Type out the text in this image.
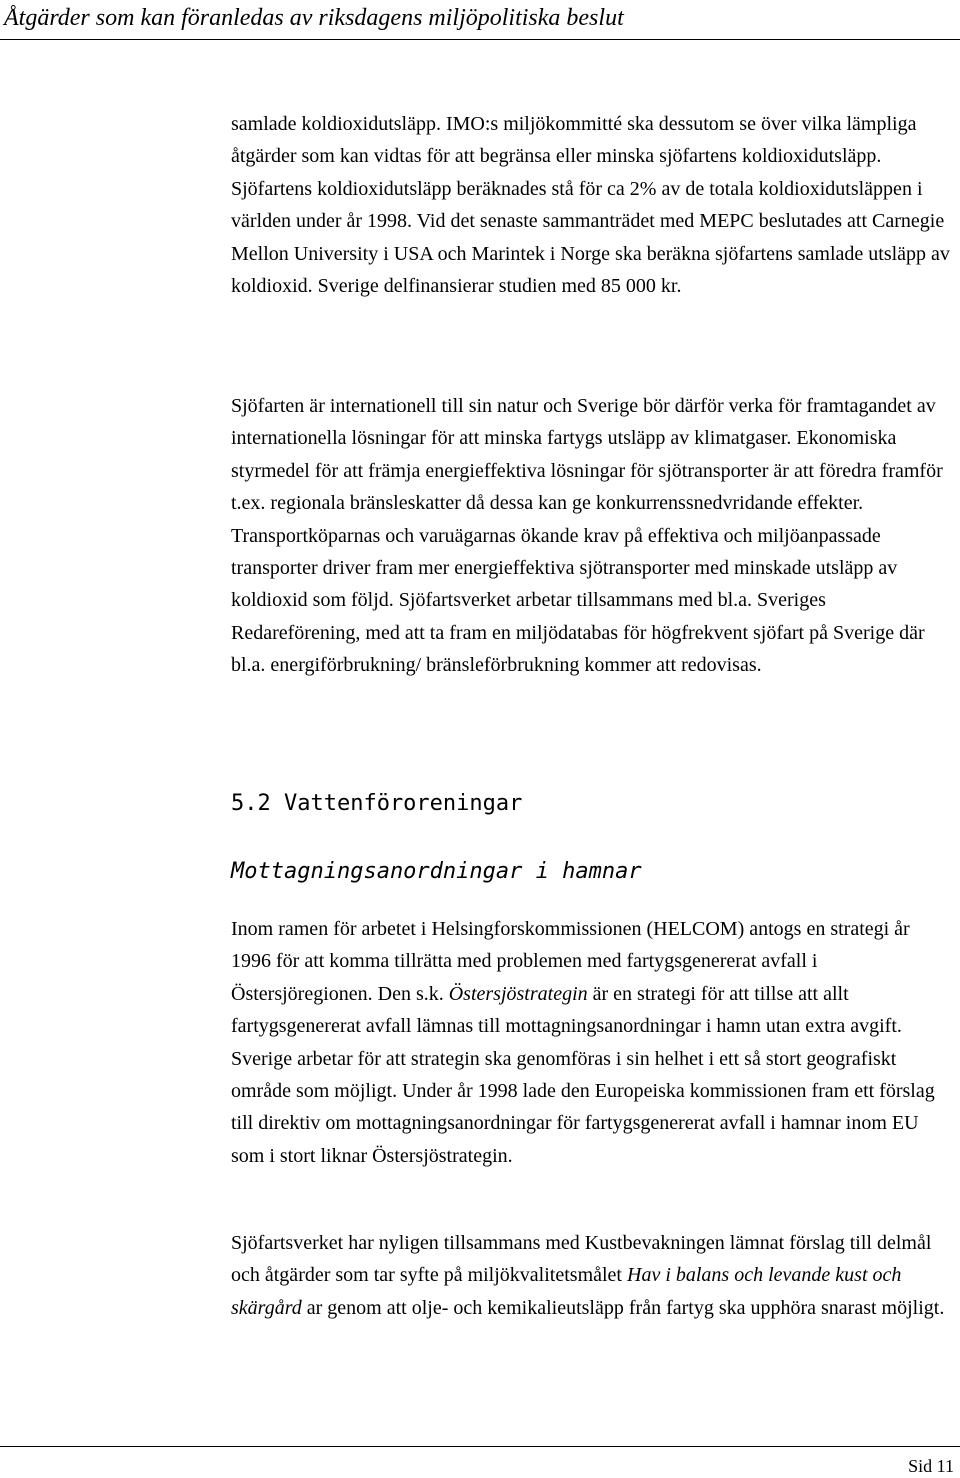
Åtgärder som kan föranledas av riksdagens miljöpolitiska beslut

samlade koldioxidutsläpp. IMO:s miljökommitté ska dessutom se över vilka lämpliga åtgärder som kan vidtas för att begränsa eller minska sjöfartens koldioxidutsläpp. Sjöfartens koldioxidutsläpp beräknades stå för ca 2% av de totala koldioxidutsläppen i världen under år 1998. Vid det senaste sammanträdet med MEPC beslutades att Carnegie Mellon University i USA och Marintek i Norge ska beräkna sjöfartens samlade utsläpp av koldioxid. Sverige delfinansierar studien med 85 000 kr.

Sjöfarten är internationell till sin natur och Sverige bör därför verka för framtagandet av internationella lösningar för att minska fartygs utsläpp av klimatgaser. Ekonomiska styrmedel för att främja energieffektiva lösningar för sjötransporter är att föredra framför t.ex. regionala bränsleskatter då dessa kan ge konkurrenssnedvridande effekter. Transportköparnas och varuägarnas ökande krav på effektiva och miljöanpassade transporter driver fram mer energieffektiva sjötransporter med minskade utsläpp av koldioxid som följd. Sjöfartsverket arbetar tillsammans med bl.a. Sveriges Redareförening, med att ta fram en miljödatabas för högfrekvent sjöfart på Sverige där bl.a. energiförbrukning/ bränsleförbrukning kommer att redovisas.

5.2 Vattenföroreningar
Mottagningsanordningar i hamnar

Inom ramen för arbetet i Helsingforskommissionen (HELCOM) antogs en strategi år 1996 för att komma tillrätta med problemen med fartygsgenererat avfall i Östersjöregionen. Den s.k. Östersjöstrategin är en strategi för att tillse att allt fartygsgenererat avfall lämnas till mottagningsanordningar i hamn utan extra avgift. Sverige arbetar för att strategin ska genomföras i sin helhet i ett så stort geografiskt område som möjligt. Under år 1998 lade den Europeiska kommissionen fram ett förslag till direktiv om mottagningsanordningar för fartygsgenererat avfall i hamnar inom EU som i stort liknar Östersjöstrategin.

Sjöfartsverket har nyligen tillsammans med Kustbevakningen lämnat förslag till delmål och åtgärder som tar syfte på miljökvalitetsmålet Hav i balans och levande kust och skärgård ar genom att olje- och kemikalieutsläpp från fartyg ska upphöra snarast möjligt.

Sid 11
